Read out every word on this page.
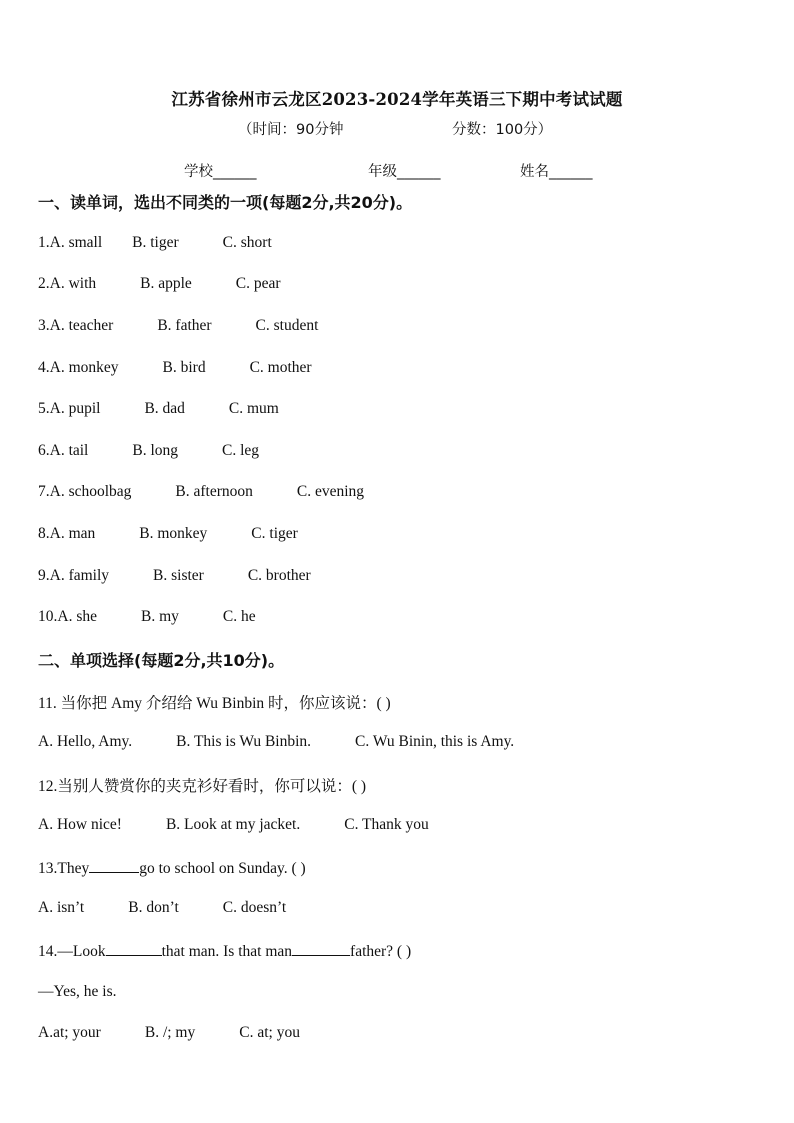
江苏省徐州市云龙区2023-2024学年英语三下期中考试试题
（时间：90分钟	分数：100分）
学校______	年级______	姓名______
一、读单词，选出不同类的一项(每题2分,共20分)。
1.A. small B. tiger	C. short
2.A. with	B. apple	C. pear
3.A. teacher	B. father	C. student
4.A. monkey	B. bird	C. mother
5.A. pupil	B. dad	C. mum
6.A. tail	B. long	C. leg
7.A. schoolbag	B. afternoon	C. evening
8.A. man	B. monkey	C. tiger
9.A. family	B. sister	C. brother
10.A. she	B. my	C. he
二、单项选择(每题2分,共10分)。
11. 当你把 Amy 介绍给 Wu Binbin 时，你应该说：( )
A. Hello, Amy.	B. This is Wu Binbin.	C. Wu Binin, this is Amy.
12.当别人赞赏你的夹克衫好看时，你可以说：( )
A. How nice!	B. Look at my jacket.	C. Thank you
13.They	go to school on Sunday. ( )
A. isn’t	B. don’t	C. doesn’t
14.—Look	that man. Is that man	father? ( )
—Yes, he is.
A.at; your	B. /; my	C. at; you
